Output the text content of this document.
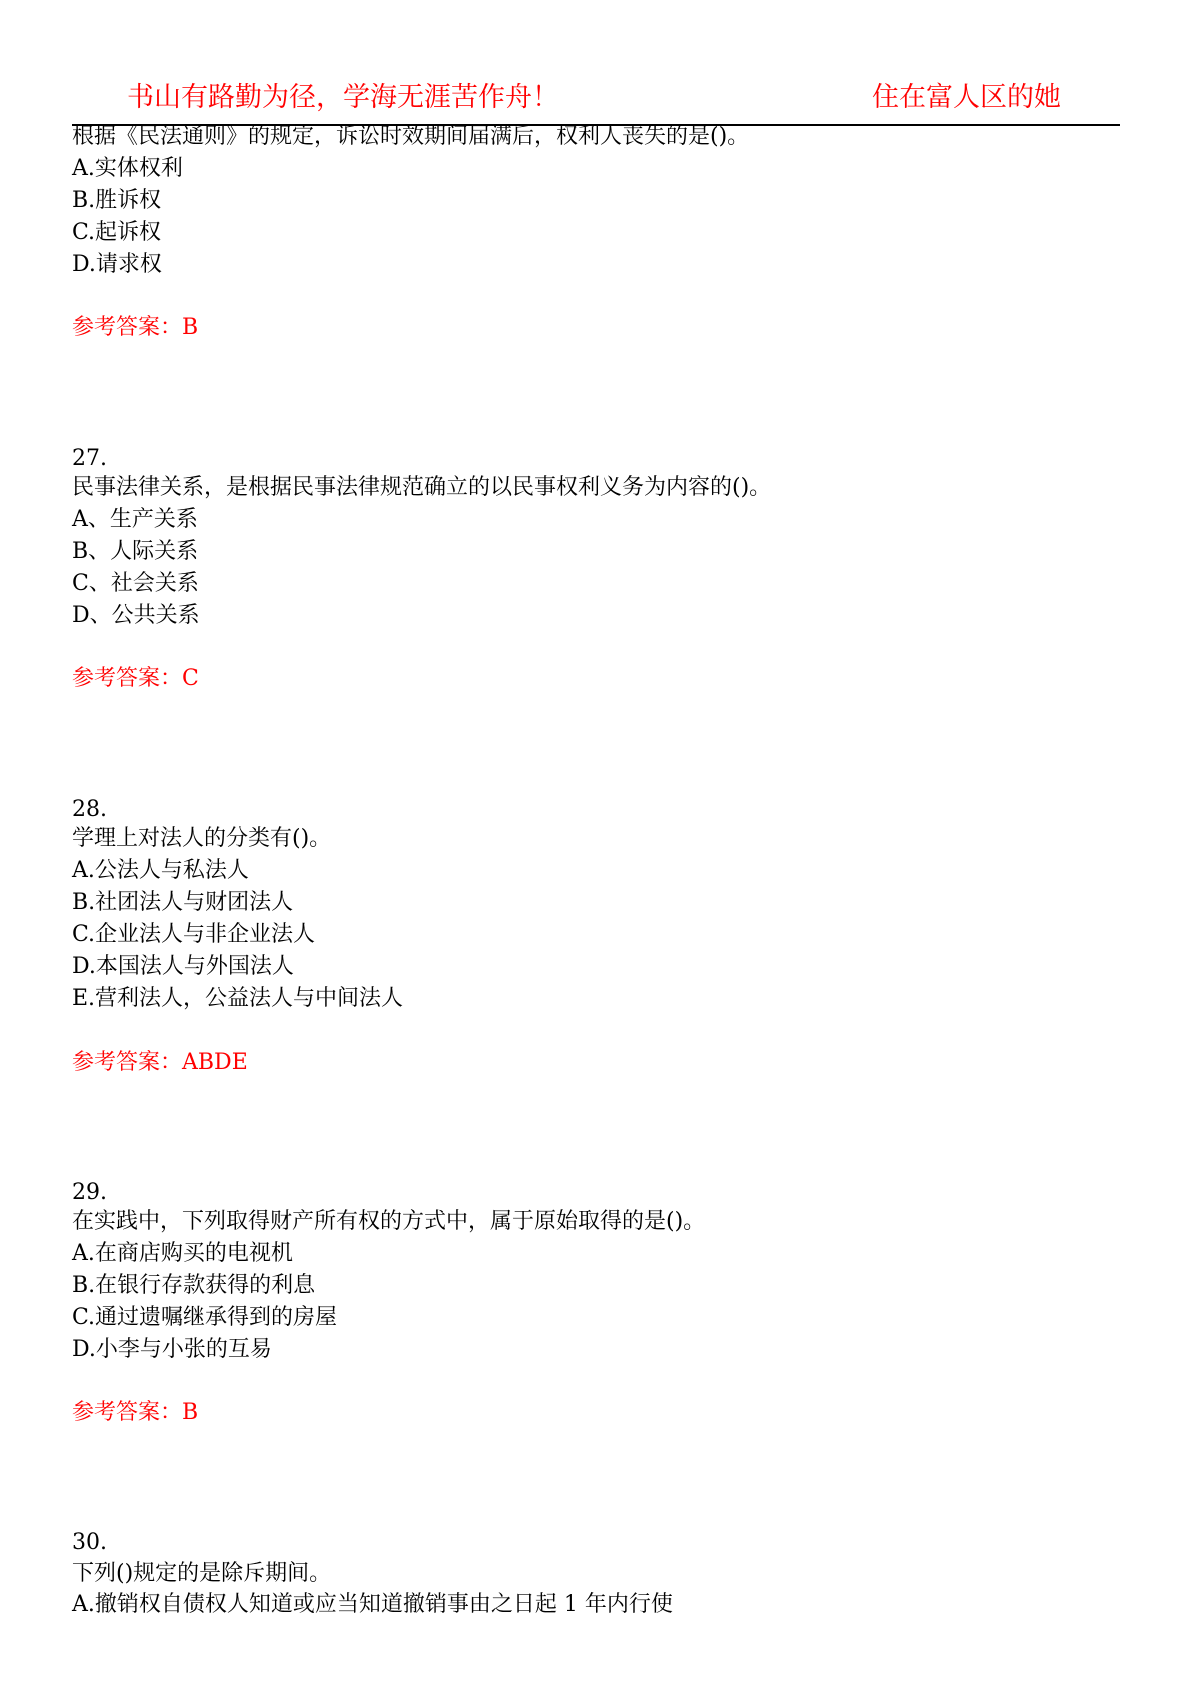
书山有路勤为径，学海无涯苦作舟！	住在富人区的她
根据《民法通则》的规定，诉讼时效期间届满后，权利人丧失的是()。
A.实体权利
B.胜诉权
C.起诉权
D.请求权
参考答案：B
27.
民事法律关系，是根据民事法律规范确立的以民事权利义务为内容的()。
A、生产关系
B、人际关系
C、社会关系
D、公共关系
参考答案：C
28.
学理上对法人的分类有()。
A.公法人与私法人
B.社团法人与财团法人
C.企业法人与非企业法人
D.本国法人与外国法人
E.营利法人，公益法人与中间法人
参考答案：ABDE
29.
在实践中，下列取得财产所有权的方式中，属于原始取得的是()。
A.在商店购买的电视机
B.在银行存款获得的利息
C.通过遗嘱继承得到的房屋
D.小李与小张的互易
参考答案：B
30.
下列()规定的是除斥期间。
A.撤销权自债权人知道或应当知道撤销事由之日起 1 年内行使
